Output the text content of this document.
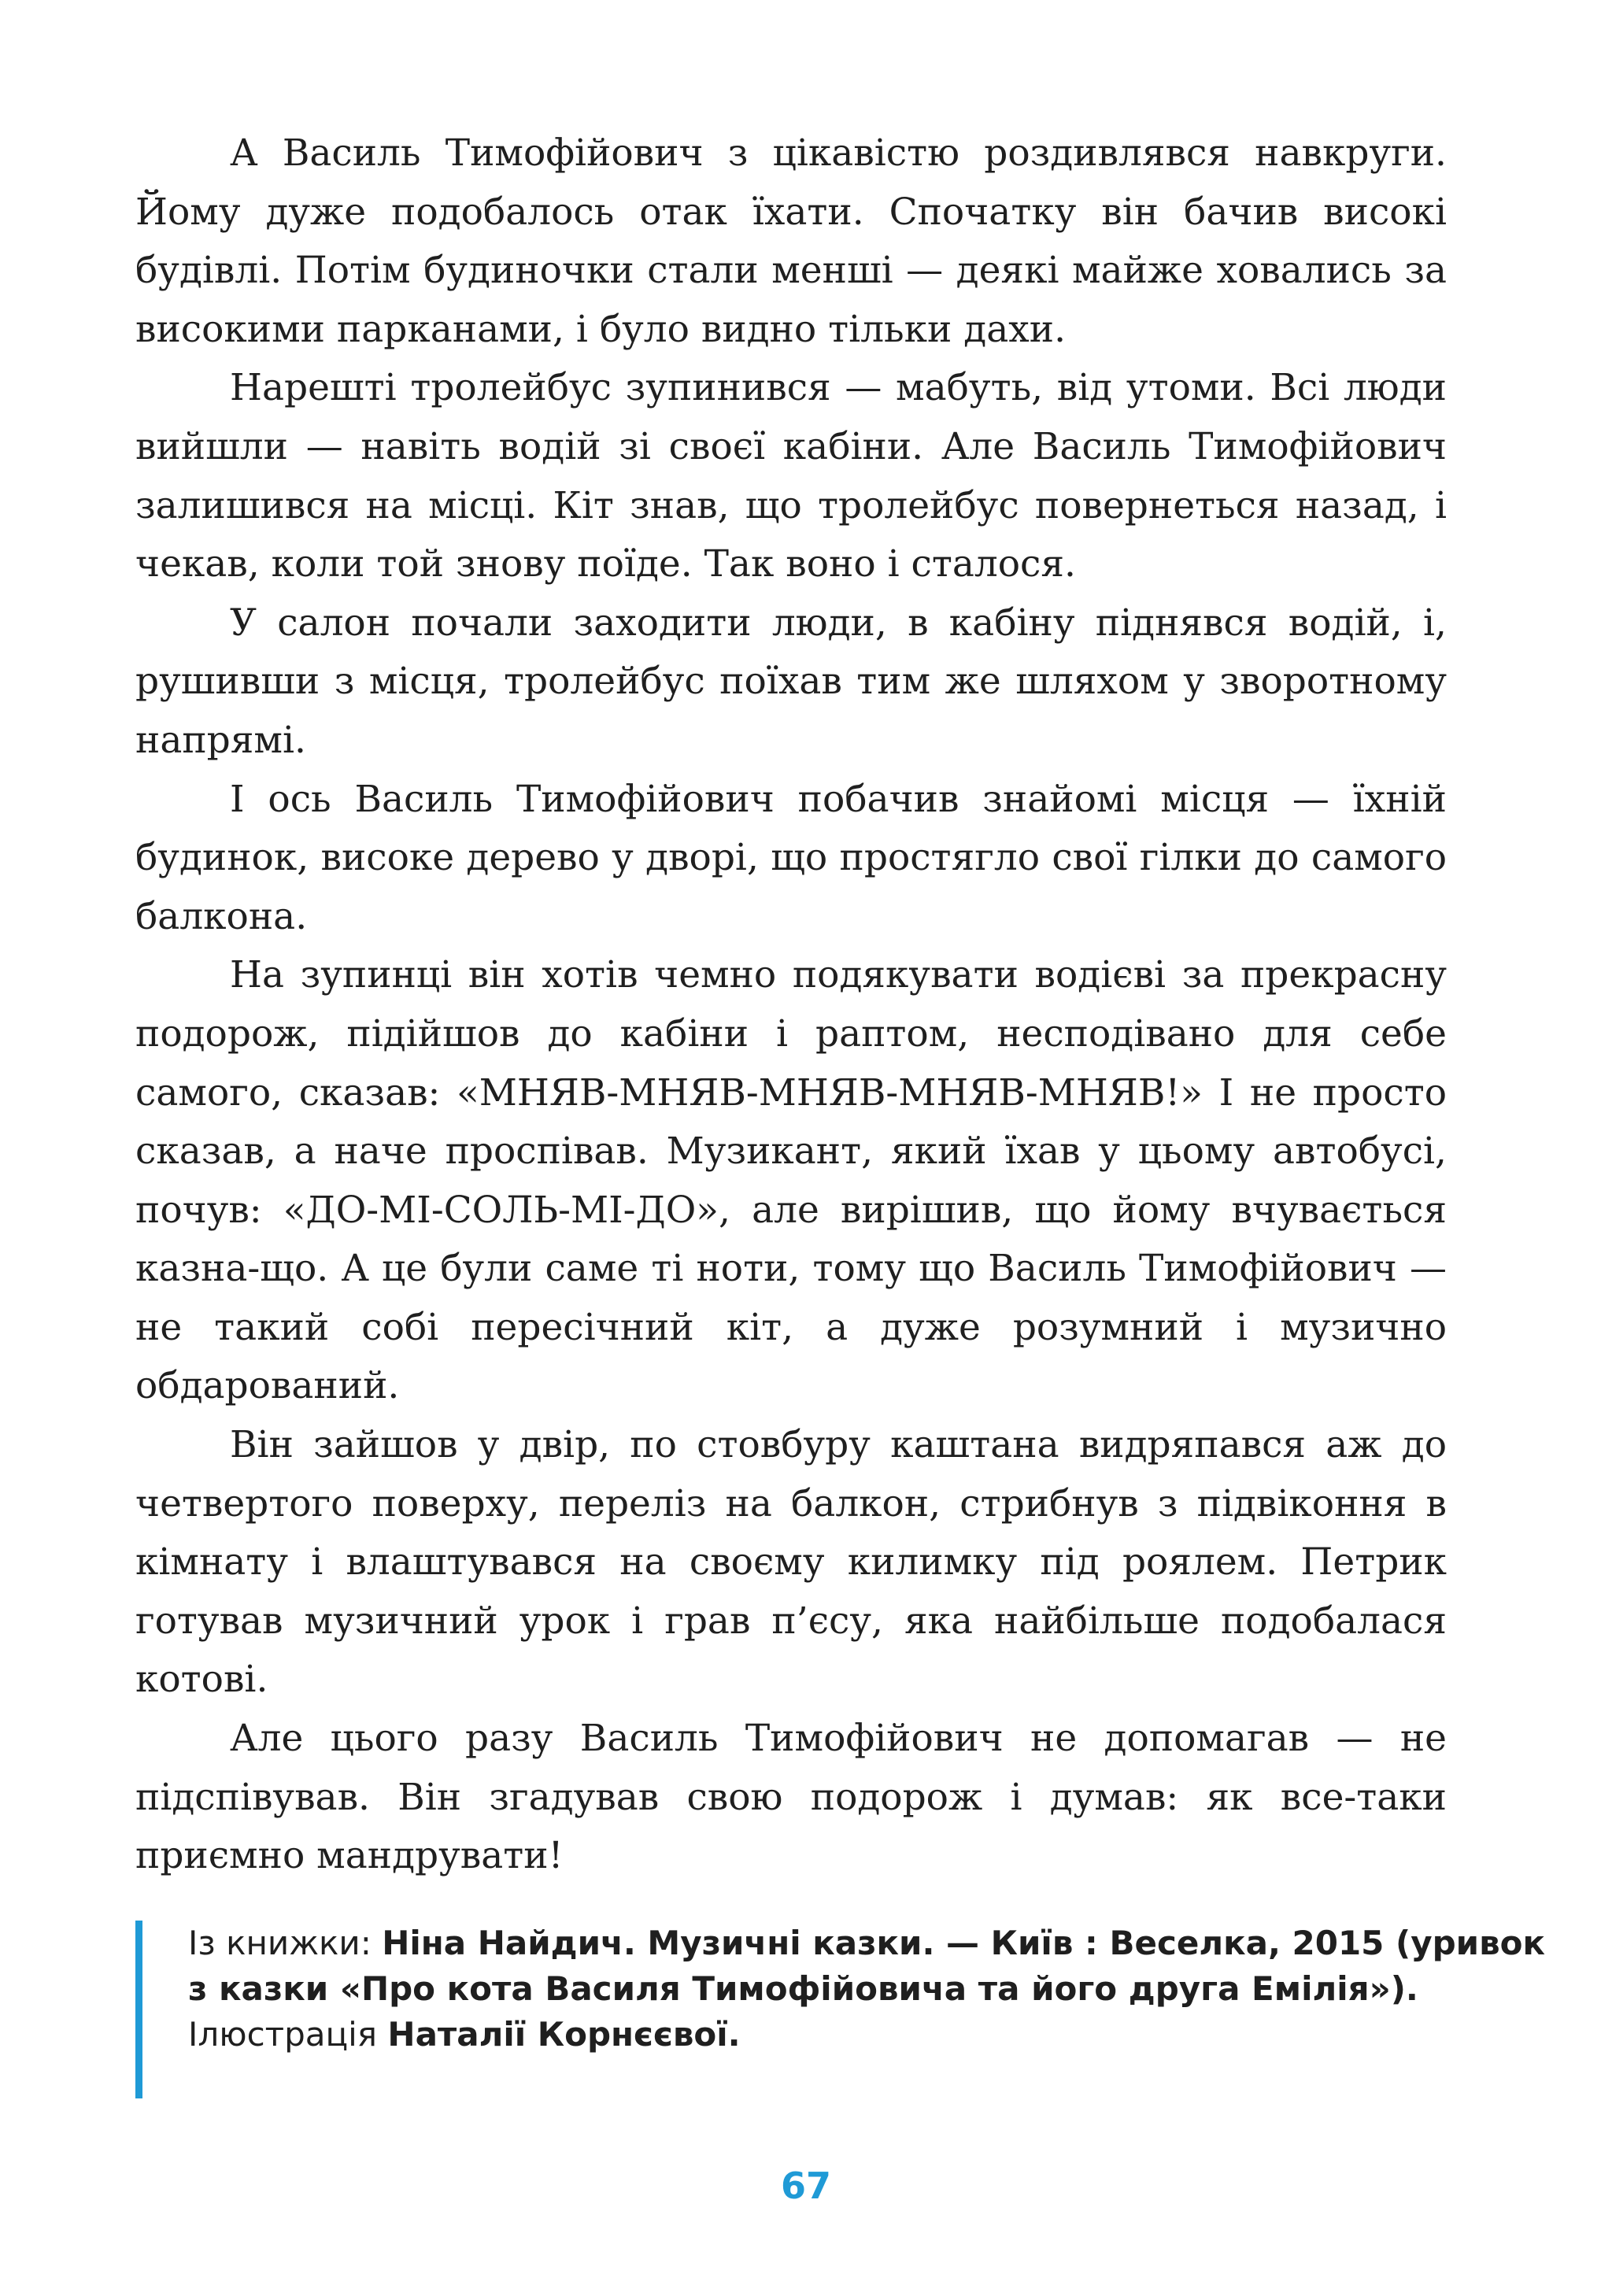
А Василь Тимофійович з цікавістю роздивлявся навкруги. Йому дуже подобалось отак їхати. Спочатку він бачив високі будівлі. Потім будиночки стали менші — деякі майже ховались за високими парканами, і було видно тільки дахи.

Нарешті тролейбус зупинився — мабуть, від утоми. Всі люди вийшли — навіть водій зі своєї кабіни. Але Василь Тимофійович залишився на місці. Кіт знав, що тролейбус повернеться назад, і чекав, коли той знову поїде. Так воно і сталося.

У салон почали заходити люди, в кабіну піднявся водій, і, рушивши з місця, тролейбус поїхав тим же шляхом у зворотному напрямі.

І ось Василь Тимофійович побачив знайомі місця — їхній будинок, високе дерево у дворі, що простягло свої гілки до самого балкона.

На зупинці він хотів чемно подякувати водієві за прекрасну подорож, підійшов до кабіни і раптом, несподівано для себе самого, сказав: «МНЯВ-МНЯВ-МНЯВ-МНЯВ-МНЯВ!» І не просто сказав, а наче проспівав. Музикант, який їхав у цьому автобусі, почув: «ДО-МІ-СОЛЬ-МІ-ДО», але вирішив, що йому вчувається казна-що. А це були саме ті ноти, тому що Василь Тимофійович — не такий собі пересічний кіт, а дуже розумний і музично обдарований.

Він зайшов у двір, по стовбуру каштана видряпався аж до четвертого поверху, переліз на балкон, стрибнув з підвіконня в кімнату і влаштувався на своєму килимку під роялем. Петрик готував музичний урок і грав п’єсу, яка найбільше подобалася котові.

Але цього разу Василь Тимофійович не допомагав — не підспівував. Він згадував свою подорож і думав: як все-таки приємно мандрувати!

Із книжки: Ніна Найдич. Музичні казки. — Київ : Веселка, 2015 (уривок
з казки «Про кота Василя Тимофійовича та його друга Емілія»).
Ілюстрація Наталії Корнєєвої.
67
